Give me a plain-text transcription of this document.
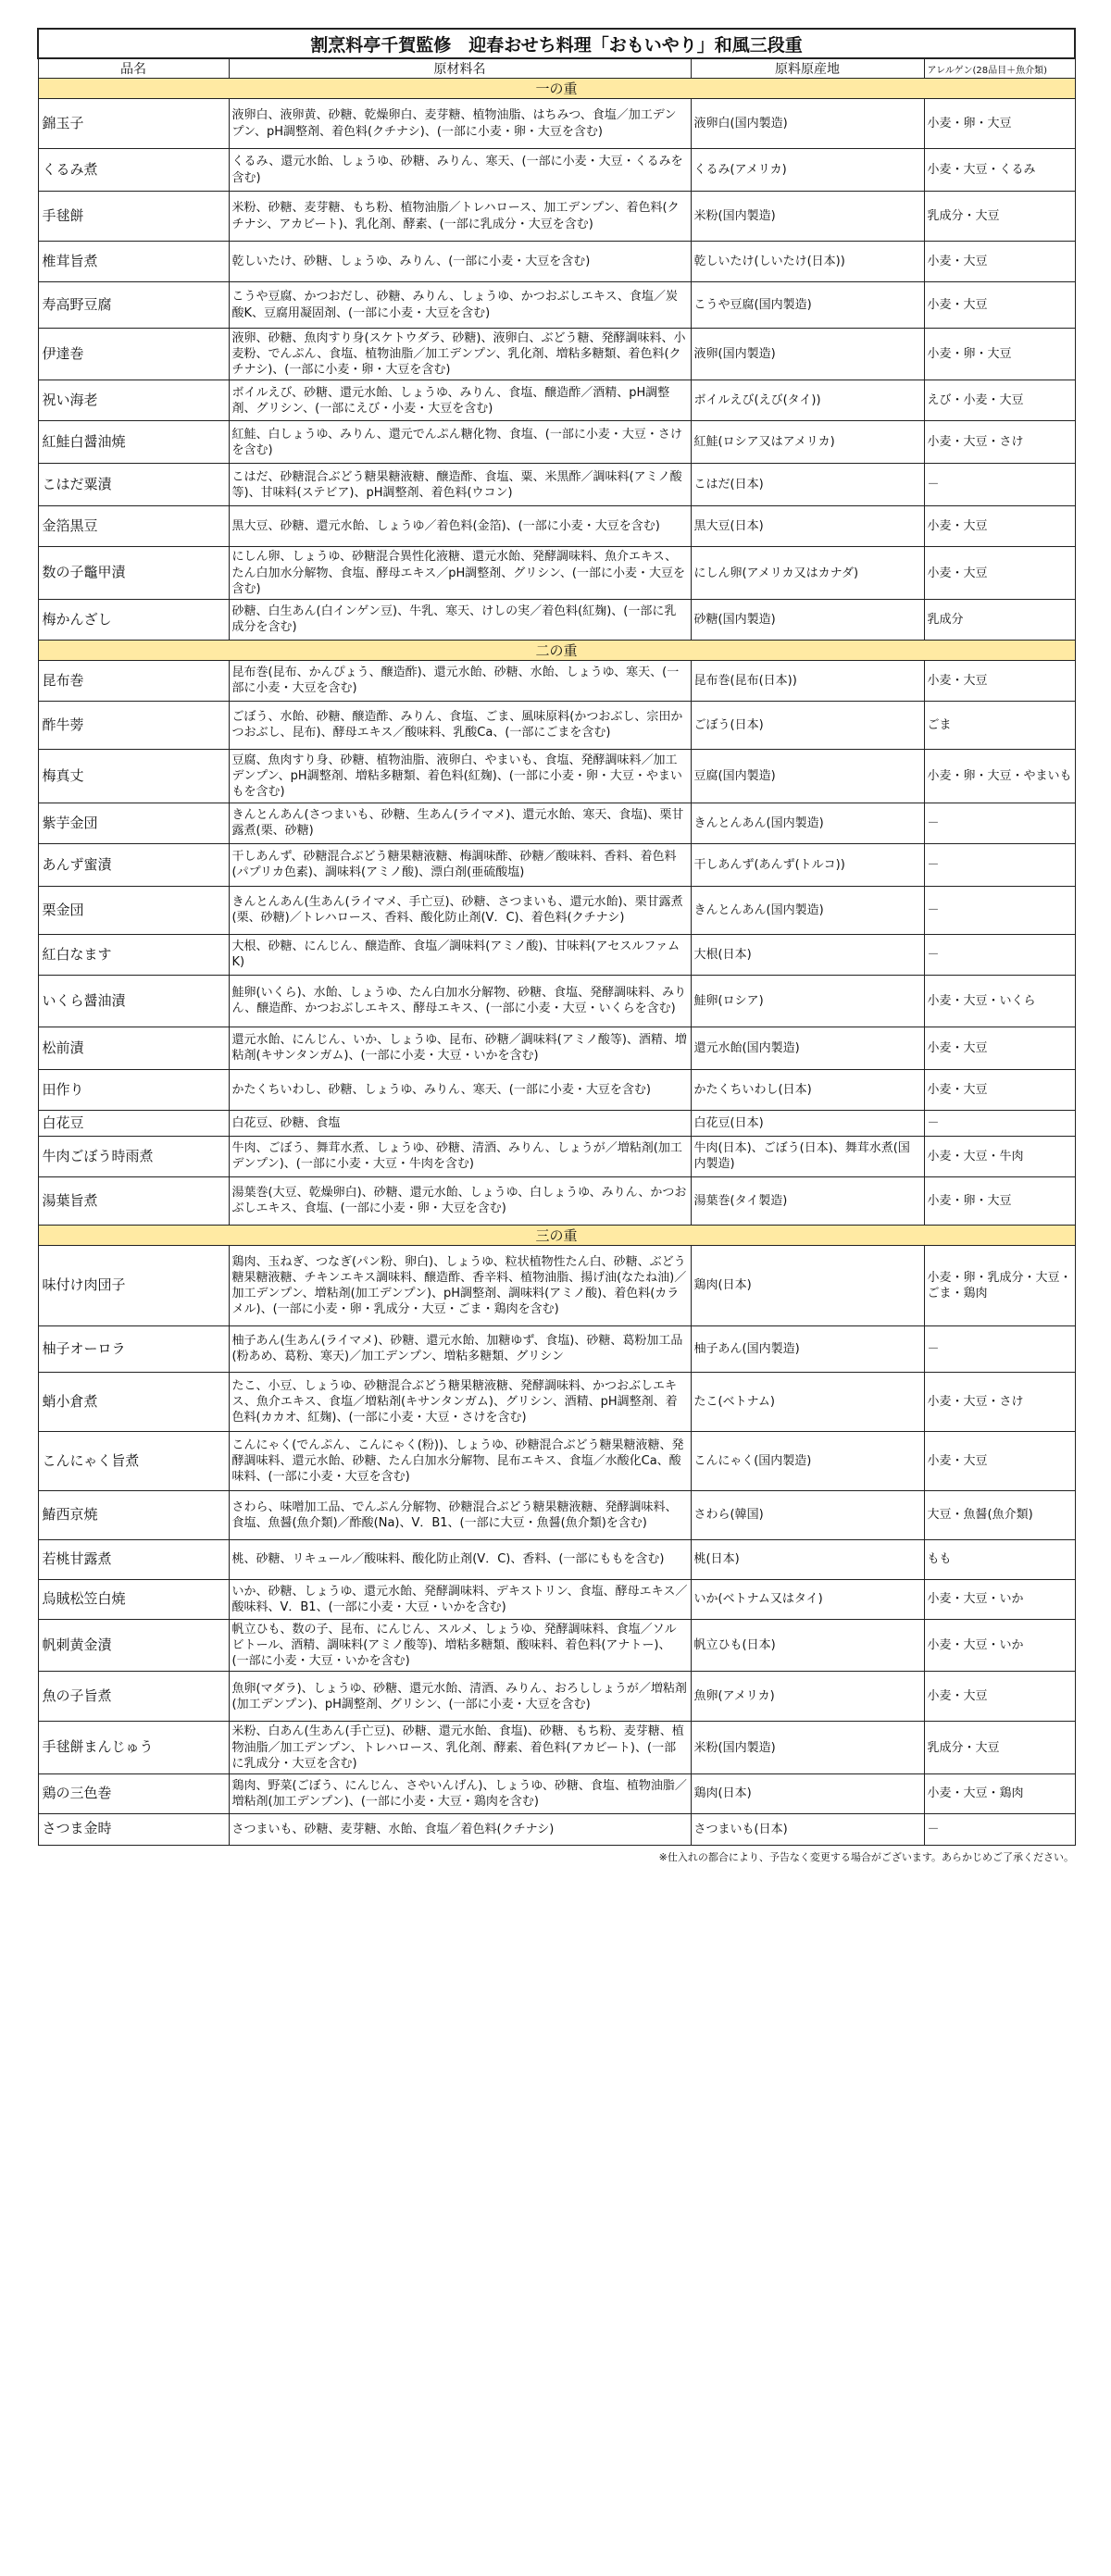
割烹料亭千賀監修　迎春おせち料理「おもいやり」和風三段重			
品名	原材料名	原料原産地	アレルゲン(28品目＋魚介類)
一の重			
錦玉子	液卵白、液卵黄、砂糖、乾燥卵白、麦芽糖、植物油脂、はちみつ、食塩／加工デンプン、pH調整剤、着色料(クチナシ)、(一部に小麦・卵・大豆を含む)	液卵白(国内製造)	小麦・卵・大豆
くるみ煮	くるみ、還元水飴、しょうゆ、砂糖、みりん、寒天、(一部に小麦・大豆・くるみを含む)	くるみ(アメリカ)	小麦・大豆・くるみ
手毬餅	米粉、砂糖、麦芽糖、もち粉、植物油脂／トレハロース、加工デンプン、着色料(クチナシ、アカビート)、乳化剤、酵素、(一部に乳成分・大豆を含む)	米粉(国内製造)	乳成分・大豆
椎茸旨煮	乾しいたけ、砂糖、しょうゆ、みりん、(一部に小麦・大豆を含む)	乾しいたけ(しいたけ(日本))	小麦・大豆
寿高野豆腐	こうや豆腐、かつおだし、砂糖、みりん、しょうゆ、かつおぶしエキス、食塩／炭酸K、豆腐用凝固剤、(一部に小麦・大豆を含む)	こうや豆腐(国内製造)	小麦・大豆
伊達巻	液卵、砂糖、魚肉すり身(スケトウダラ、砂糖)、液卵白、ぶどう糖、発酵調味料、小麦粉、でんぷん、食塩、植物油脂／加工デンプン、乳化剤、増粘多糖類、着色料(クチナシ)、(一部に小麦・卵・大豆を含む)	液卵(国内製造)	小麦・卵・大豆
祝い海老	ボイルえび、砂糖、還元水飴、しょうゆ、みりん、食塩、醸造酢／酒精、pH調整剤、グリシン、(一部にえび・小麦・大豆を含む)	ボイルえび(えび(タイ))	えび・小麦・大豆
紅鮭白醤油焼	紅鮭、白しょうゆ、みりん、還元でんぷん糖化物、食塩、(一部に小麦・大豆・さけを含む)	紅鮭(ロシア又はアメリカ)	小麦・大豆・さけ
こはだ粟漬	こはだ、砂糖混合ぶどう糖果糖液糖、醸造酢、食塩、粟、米黒酢／調味料(アミノ酸等)、甘味料(ステビア)、pH調整剤、着色料(ウコン)	こはだ(日本)	－
金箔黒豆	黒大豆、砂糖、還元水飴、しょうゆ／着色料(金箔)、(一部に小麦・大豆を含む)	黒大豆(日本)	小麦・大豆
数の子鼈甲漬	にしん卵、しょうゆ、砂糖混合異性化液糖、還元水飴、発酵調味料、魚介エキス、たん白加水分解物、食塩、酵母エキス／pH調整剤、グリシン、(一部に小麦・大豆を含む)	にしん卵(アメリカ又はカナダ)	小麦・大豆
梅かんざし	砂糖、白生あん(白インゲン豆)、牛乳、寒天、けしの実／着色料(紅麹)、(一部に乳成分を含む)	砂糖(国内製造)	乳成分
二の重			
昆布巻	昆布巻(昆布、かんぴょう、醸造酢)、還元水飴、砂糖、水飴、しょうゆ、寒天、(一部に小麦・大豆を含む)	昆布巻(昆布(日本))	小麦・大豆
酢牛蒡	ごぼう、水飴、砂糖、醸造酢、みりん、食塩、ごま、風味原料(かつおぶし、宗田かつおぶし、昆布)、酵母エキス／酸味料、乳酸Ca、(一部にごまを含む)	ごぼう(日本)	ごま
梅真丈	豆腐、魚肉すり身、砂糖、植物油脂、液卵白、やまいも、食塩、発酵調味料／加工デンプン、pH調整剤、増粘多糖類、着色料(紅麹)、(一部に小麦・卵・大豆・やまいもを含む)	豆腐(国内製造)	小麦・卵・大豆・やまいも
紫芋金団	きんとんあん(さつまいも、砂糖、生あん(ライマメ)、還元水飴、寒天、食塩)、栗甘露煮(栗、砂糖)	きんとんあん(国内製造)	－
あんず蜜漬	干しあんず、砂糖混合ぶどう糖果糖液糖、梅調味酢、砂糖／酸味料、香料、着色料(パプリカ色素)、調味料(アミノ酸)、漂白剤(亜硫酸塩)	干しあんず(あんず(トルコ))	－
栗金団	きんとんあん(生あん(ライマメ、手亡豆)、砂糖、さつまいも、還元水飴)、栗甘露煮(栗、砂糖)／トレハロース、香料、酸化防止剤(V．C)、着色料(クチナシ)	きんとんあん(国内製造)	－
紅白なます	大根、砂糖、にんじん、醸造酢、食塩／調味料(アミノ酸)、甘味料(アセスルファムK)	大根(日本)	－
いくら醤油漬	鮭卵(いくら)、水飴、しょうゆ、たん白加水分解物、砂糖、食塩、発酵調味料、みりん、醸造酢、かつおぶしエキス、酵母エキス、(一部に小麦・大豆・いくらを含む)	鮭卵(ロシア)	小麦・大豆・いくら
松前漬	還元水飴、にんじん、いか、しょうゆ、昆布、砂糖／調味料(アミノ酸等)、酒精、増粘剤(キサンタンガム)、(一部に小麦・大豆・いかを含む)	還元水飴(国内製造)	小麦・大豆
田作り	かたくちいわし、砂糖、しょうゆ、みりん、寒天、(一部に小麦・大豆を含む)	かたくちいわし(日本)	小麦・大豆
白花豆	白花豆、砂糖、食塩	白花豆(日本)	－
牛肉ごぼう時雨煮	牛肉、ごぼう、舞茸水煮、しょうゆ、砂糖、清酒、みりん、しょうが／増粘剤(加工デンプン)、(一部に小麦・大豆・牛肉を含む)	牛肉(日本)、ごぼう(日本)、舞茸水煮(国内製造)	小麦・大豆・牛肉
湯葉旨煮	湯葉巻(大豆、乾燥卵白)、砂糖、還元水飴、しょうゆ、白しょうゆ、みりん、かつおぶしエキス、食塩、(一部に小麦・卵・大豆を含む)	湯葉巻(タイ製造)	小麦・卵・大豆
三の重			
味付け肉団子	鶏肉、玉ねぎ、つなぎ(パン粉、卵白)、しょうゆ、粒状植物性たん白、砂糖、ぶどう糖果糖液糖、チキンエキス調味料、醸造酢、香辛料、植物油脂、揚げ油(なたね油)／加工デンプン、増粘剤(加工デンプン)、pH調整剤、調味料(アミノ酸)、着色料(カラメル)、(一部に小麦・卵・乳成分・大豆・ごま・鶏肉を含む)	鶏肉(日本)	小麦・卵・乳成分・大豆・ごま・鶏肉
柚子オーロラ	柚子あん(生あん(ライマメ)、砂糖、還元水飴、加糖ゆず、食塩)、砂糖、葛粉加工品(粉あめ、葛粉、寒天)／加工デンプン、増粘多糖類、グリシン	柚子あん(国内製造)	－
蛸小倉煮	たこ、小豆、しょうゆ、砂糖混合ぶどう糖果糖液糖、発酵調味料、かつおぶしエキス、魚介エキス、食塩／増粘剤(キサンタンガム)、グリシン、酒精、pH調整剤、着色料(カカオ、紅麹)、(一部に小麦・大豆・さけを含む)	たこ(ベトナム)	小麦・大豆・さけ
こんにゃく旨煮	こんにゃく(でんぷん、こんにゃく(粉))、しょうゆ、砂糖混合ぶどう糖果糖液糖、発酵調味料、還元水飴、砂糖、たん白加水分解物、昆布エキス、食塩／水酸化Ca、酸味料、(一部に小麦・大豆を含む)	こんにゃく(国内製造)	小麦・大豆
鰆西京焼	さわら、味噌加工品、でんぷん分解物、砂糖混合ぶどう糖果糖液糖、発酵調味料、食塩、魚醤(魚介類)／酢酸(Na)、V．B1、(一部に大豆・魚醤(魚介類)を含む)	さわら(韓国)	大豆・魚醤(魚介類)
若桃甘露煮	桃、砂糖、リキュール／酸味料、酸化防止剤(V．C)、香料、(一部にももを含む)	桃(日本)	もも
烏賊松笠白焼	いか、砂糖、しょうゆ、還元水飴、発酵調味料、デキストリン、食塩、酵母エキス／酸味料、V．B1、(一部に小麦・大豆・いかを含む)	いか(ベトナム又はタイ)	小麦・大豆・いか
帆刺黄金漬	帆立ひも、数の子、昆布、にんじん、スルメ、しょうゆ、発酵調味料、食塩／ソルビトール、酒精、調味料(アミノ酸等)、増粘多糖類、酸味料、着色料(アナトー)、(一部に小麦・大豆・いかを含む)	帆立ひも(日本)	小麦・大豆・いか
魚の子旨煮	魚卵(マダラ)、しょうゆ、砂糖、還元水飴、清酒、みりん、おろししょうが／増粘剤(加工デンプン)、pH調整剤、グリシン、(一部に小麦・大豆を含む)	魚卵(アメリカ)	小麦・大豆
手毬餅まんじゅう	米粉、白あん(生あん(手亡豆)、砂糖、還元水飴、食塩)、砂糖、もち粉、麦芽糖、植物油脂／加工デンプン、トレハロース、乳化剤、酵素、着色料(アカビート)、(一部に乳成分・大豆を含む)	米粉(国内製造)	乳成分・大豆
鶏の三色巻	鶏肉、野菜(ごぼう、にんじん、さやいんげん)、しょうゆ、砂糖、食塩、植物油脂／増粘剤(加工デンプン)、(一部に小麦・大豆・鶏肉を含む)	鶏肉(日本)	小麦・大豆・鶏肉
さつま金時	さつまいも、砂糖、麦芽糖、水飴、食塩／着色料(クチナシ)	さつまいも(日本)	－
※仕入れの都合により、予告なく変更する場合がございます。あらかじめご了承ください。
